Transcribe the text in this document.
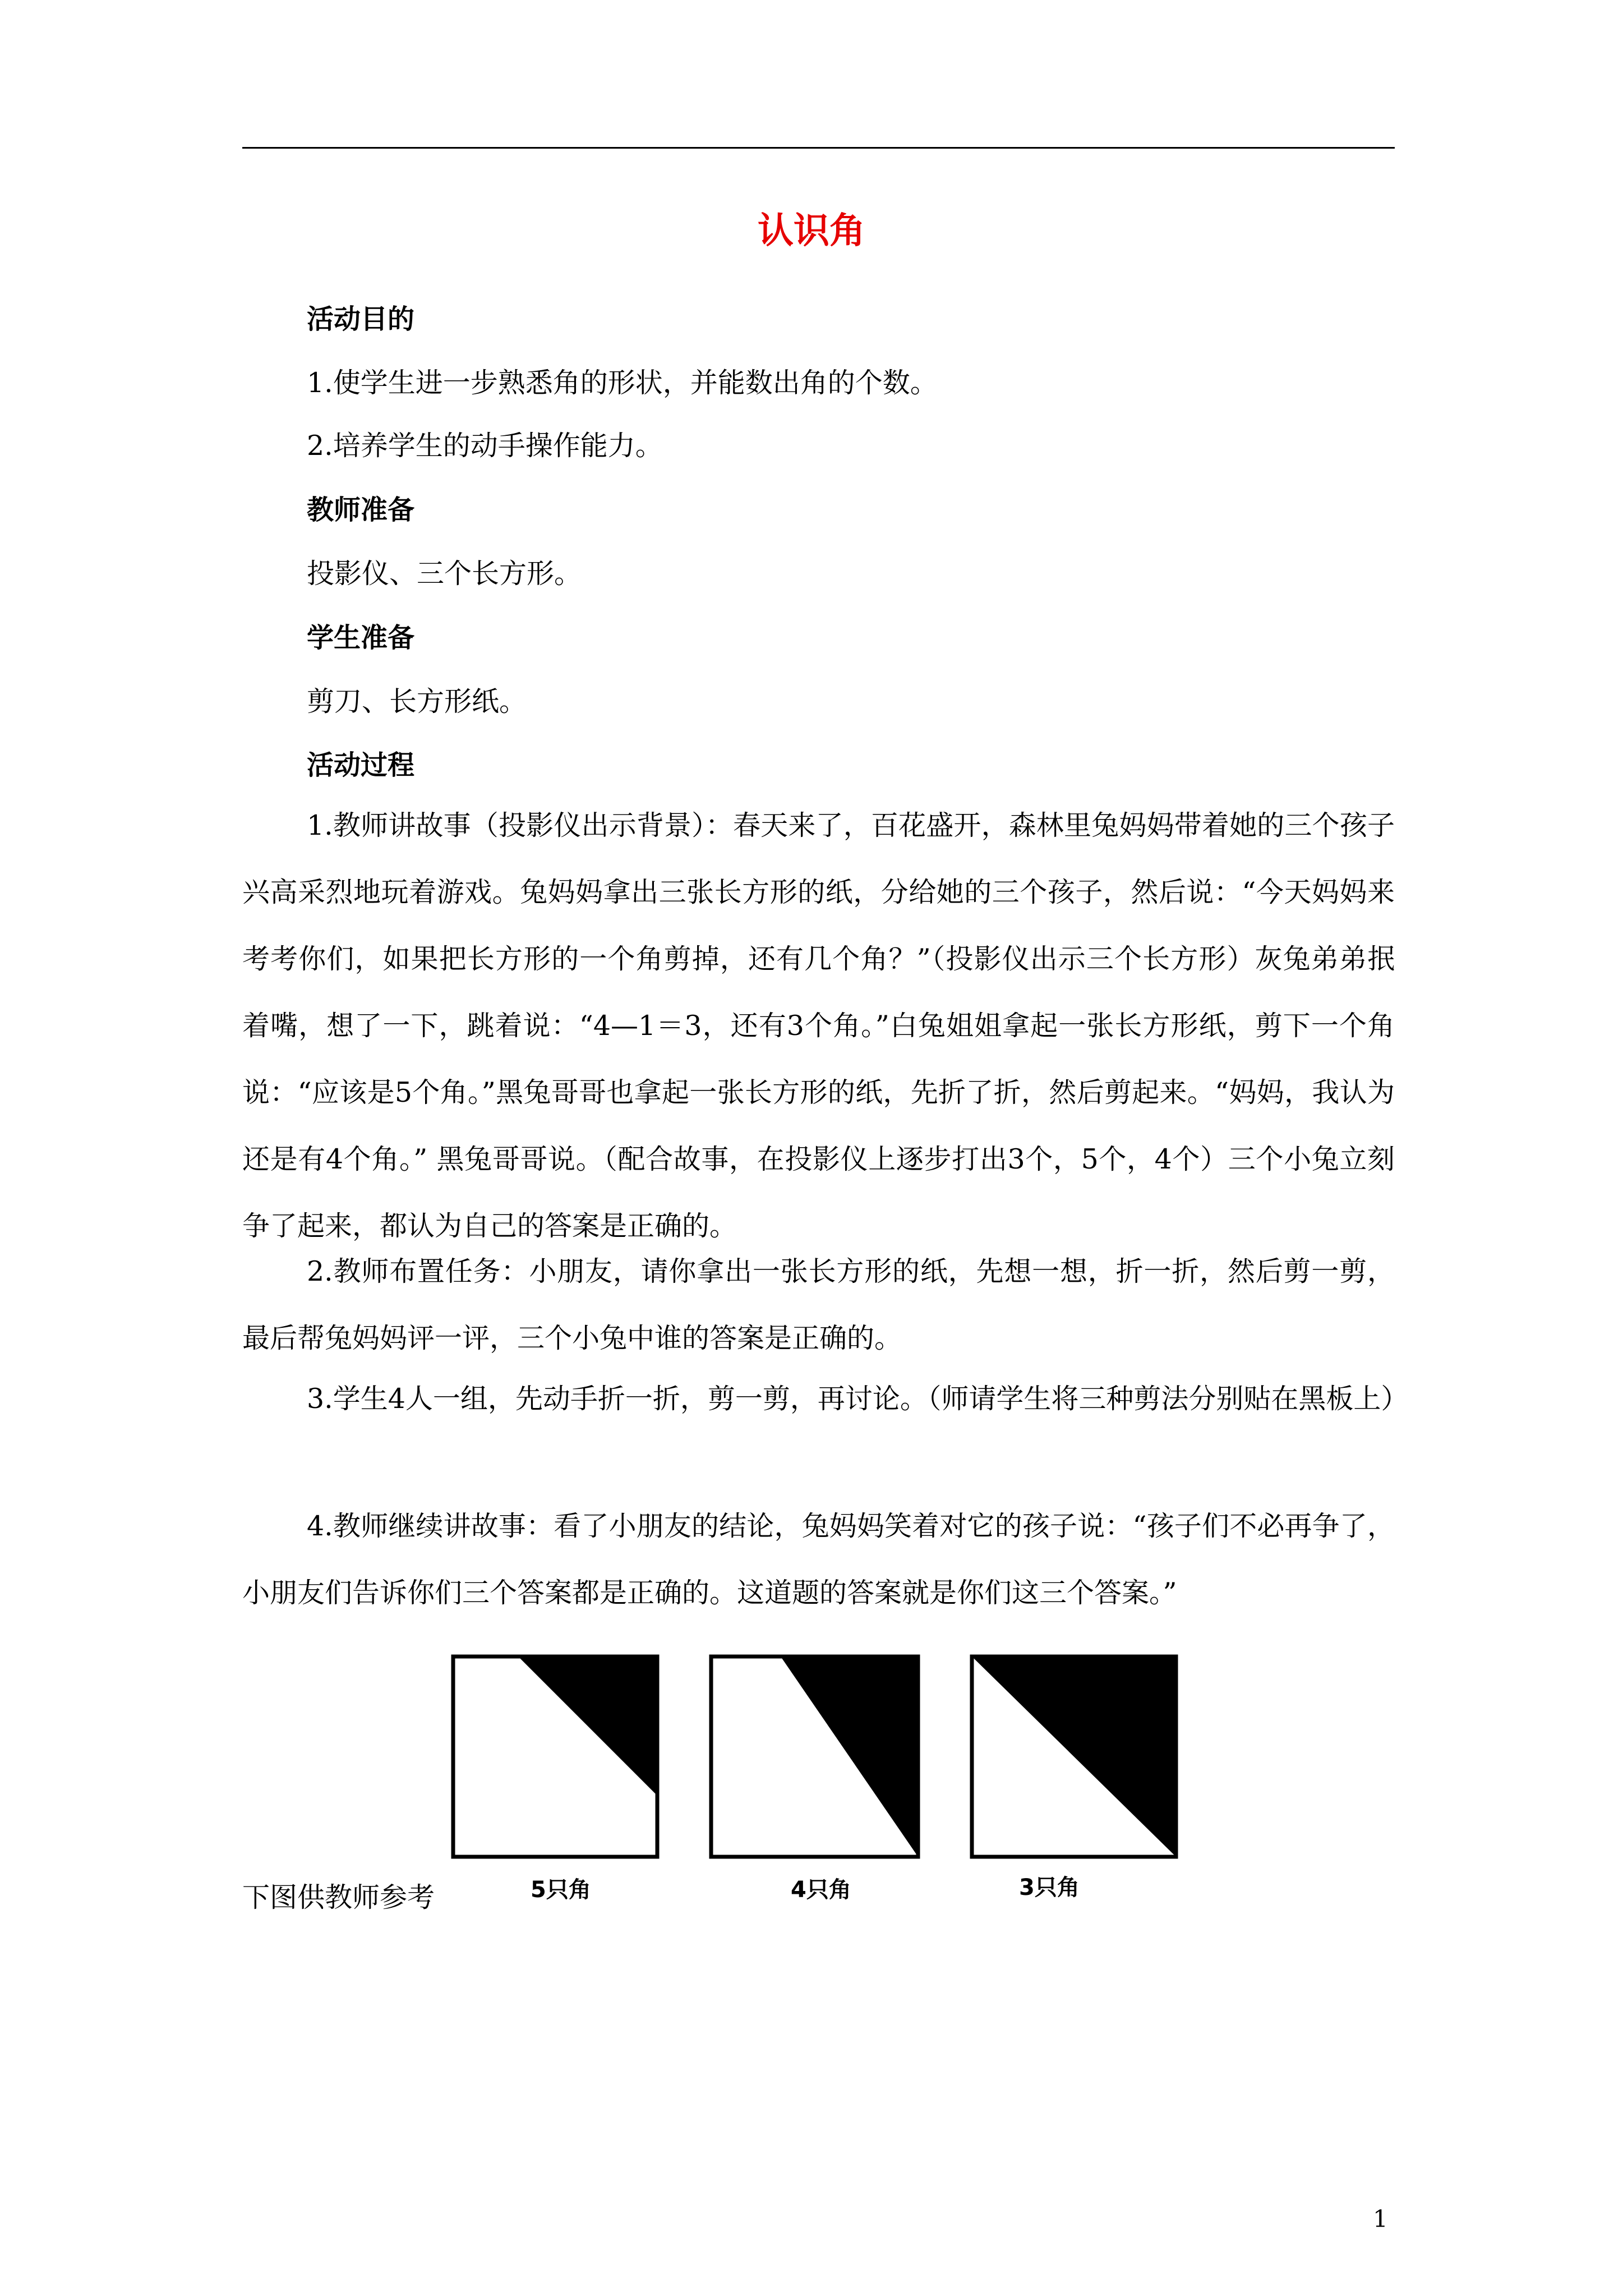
认识角
活动目的
1.使学生进一步熟悉角的形状，并能数出角的个数。
2.培养学生的动手操作能力。
教师准备
投影仪、三个长方形。
学生准备
剪刀、长方形纸。
活动过程

1.教师讲故事（投影仪出示背景）：春天来了，百花盛开，森林里兔妈妈带着她的三个孩子兴高采烈地玩着游戏。兔妈妈拿出三张长方形的纸，分给她的三个孩子，然后说：“今天妈妈来考考你们，如果把长方形的一个角剪掉，还有几个角？”（投影仪出示三个长方形）灰兔弟弟抿着嘴，想了一下，跳着说：“4—1＝3，还有3个角。”白兔姐姐拿起一张长方形纸，剪下一个角说：“应该是5个角。”黑兔哥哥也拿起一张长方形的纸，先折了折，然后剪起来。“妈妈，我认为还是有4个角。” 黑兔哥哥说。（配合故事，在投影仪上逐步打出3个，5个，4个）三个小兔立刻争了起来，都认为自己的答案是正确的。

2.教师布置任务：小朋友，请你拿出一张长方形的纸，先想一想，折一折，然后剪一剪，最后帮兔妈妈评一评，三个小兔中谁的答案是正确的。

3.学生4人一组，先动手折一折，剪一剪，再讨论。（师请学生将三种剪法分别贴在黑板上）

4.教师继续讲故事：看了小朋友的结论，兔妈妈笑着对它的孩子说：“孩子们不必再争了，小朋友们告诉你们三个答案都是正确的。这道题的答案就是你们这三个答案。”

5只角	4只角	3只角
下图供教师参考
1
